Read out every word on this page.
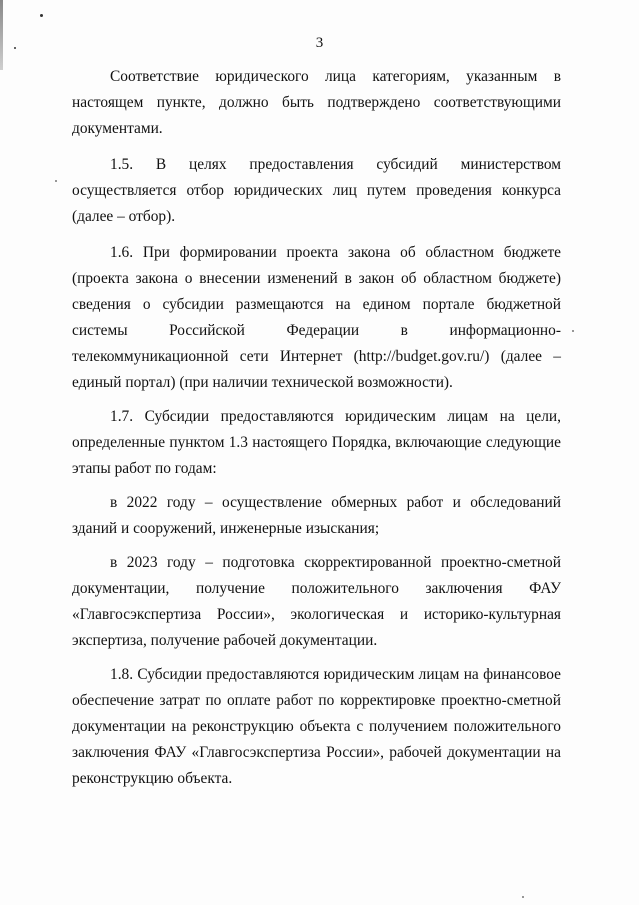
3

Соответствие юридического лица категориям, указанным в настоящем пункте, должно быть подтверждено соответствующими документами.

1.5. В целях предоставления субсидий министерством осуществляется отбор юридических лиц путем проведения конкурса (далее – отбор).

1.6. При формировании проекта закона об областном бюджете (проекта закона о внесении изменений в закон об областном бюджете) сведения о субсидии размещаются на едином портале бюджетной системы Российской Федерации в информационно-телекоммуникационной сети Интернет (http://budget.gov.ru/) (далее – единый портал) (при наличии технической возможности).

1.7. Субсидии предоставляются юридическим лицам на цели, определенные пунктом 1.3 настоящего Порядка, включающие следующие этапы работ по годам:

в 2022 году – осуществление обмерных работ и обследований зданий и сооружений, инженерные изыскания;

в 2023 году – подготовка скорректированной проектно-сметной документации, получение положительного заключения ФАУ «Главгосэкспертиза России», экологическая и историко-культурная экспертиза, получение рабочей документации.

1.8. Субсидии предоставляются юридическим лицам на финансовое обеспечение затрат по оплате работ по корректировке проектно-сметной документации на реконструкцию объекта с получением положительного заключения ФАУ «Главгосэкспертиза России», рабочей документации на реконструкцию объекта.
